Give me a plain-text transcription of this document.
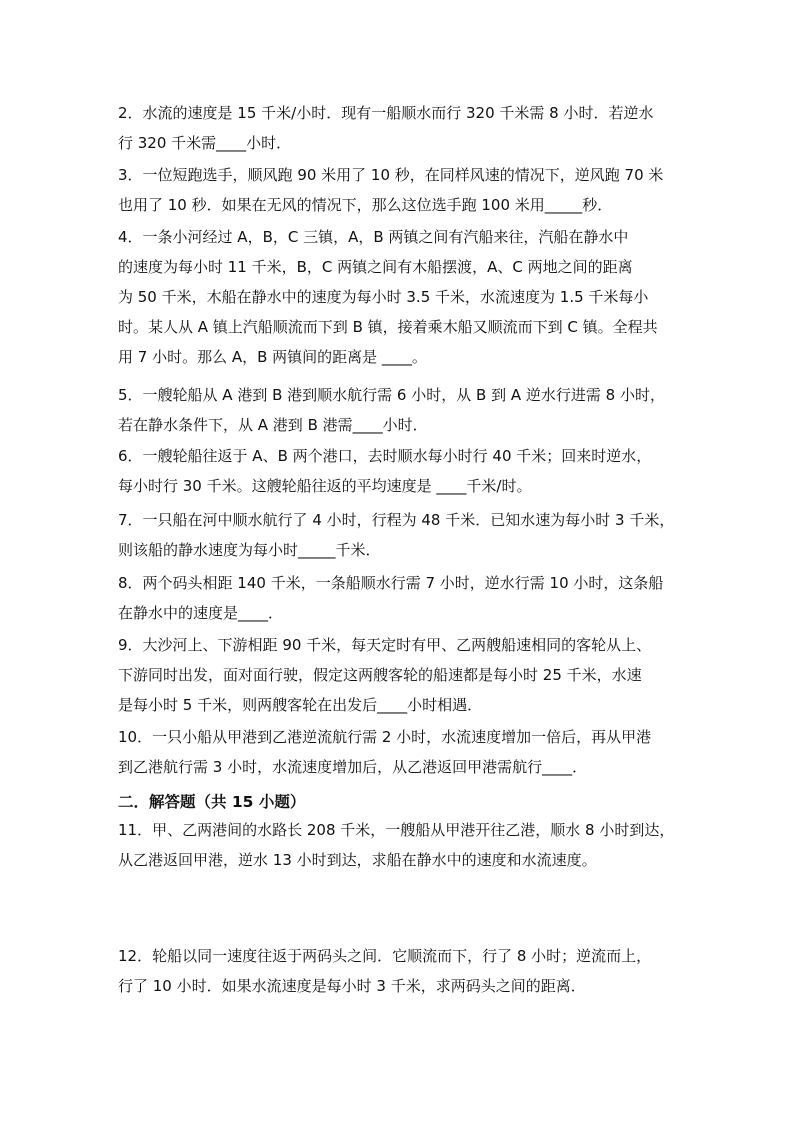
2．水流的速度是 15 千米/小时．现有一船顺水而行 320 千米需 8 小时．若逆水
行 320 千米需____小时．
3．一位短跑选手，顺风跑 90 米用了 10 秒，在同样风速的情况下，逆风跑 70 米
也用了 10 秒．如果在无风的情况下，那么这位选手跑 100 米用_____秒．
4．一条小河经过 A，B，C 三镇，A，B 两镇之间有汽船来往，汽船在静水中
的速度为每小时 11 千米，B，C 两镇之间有木船摆渡，A、C 两地之间的距离
为 50 千米，木船在静水中的速度为每小时 3.5 千米，水流速度为 1.5 千米每小
时。某人从 A 镇上汽船顺流而下到 B 镇，接着乘木船又顺流而下到 C 镇。全程共
用 7 小时。那么 A，B 两镇间的距离是 ____。
5．一艘轮船从 A 港到 B 港到顺水航行需 6 小时，从 B 到 A 逆水行进需 8 小时，
若在静水条件下，从 A 港到 B 港需____小时．
6．一艘轮船往返于 A、B 两个港口，去时顺水每小时行 40 千米；回来时逆水，
每小时行 30 千米。这艘轮船往返的平均速度是 ____千米/时。
7．一只船在河中顺水航行了 4 小时，行程为 48 千米．已知水速为每小时 3 千米，
则该船的静水速度为每小时_____千米．
8．两个码头相距 140 千米，一条船顺水行需 7 小时，逆水行需 10 小时，这条船
在静水中的速度是____．
9．大沙河上、下游相距 90 千米，每天定时有甲、乙两艘船速相同的客轮从上、
下游同时出发，面对面行驶，假定这两艘客轮的船速都是每小时 25 千米，水速
是每小时 5 千米，则两艘客轮在出发后____小时相遇．
10．一只小船从甲港到乙港逆流航行需 2 小时，水流速度增加一倍后，再从甲港
到乙港航行需 3 小时，水流速度增加后，从乙港返回甲港需航行____．
二．解答题（共 15 小题）
11．甲、乙两港间的水路长 208 千米，一艘船从甲港开往乙港，顺水 8 小时到达，
从乙港返回甲港，逆水 13 小时到达，求船在静水中的速度和水流速度。
12．轮船以同一速度往返于两码头之间．它顺流而下，行了 8 小时；逆流而上，
行了 10 小时．如果水流速度是每小时 3 千米，求两码头之间的距离．
